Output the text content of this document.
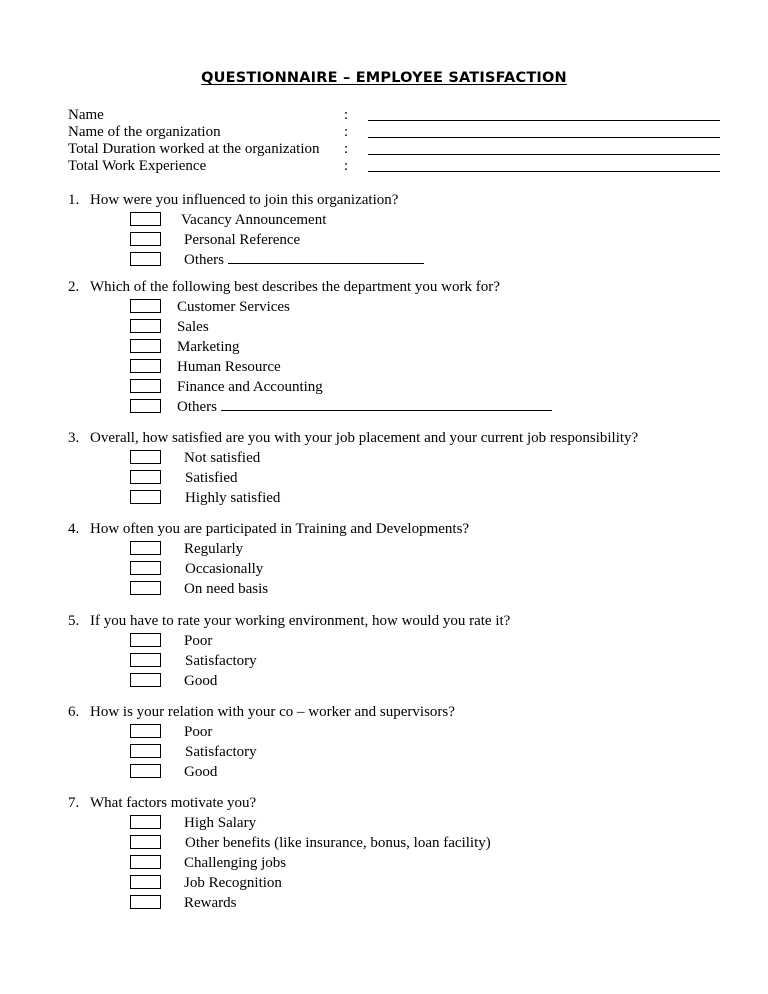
QUESTIONNAIRE – EMPLOYEE SATISFACTION
Name	:
Name of the organization	:
Total Duration worked at the organization :
Total Work Experience	:
1. How were you influenced to join this organization?
Vacancy Announcement
Personal Reference
Others
2. Which of the following best describes the department you work for?
Customer Services
Sales
Marketing
Human Resource
Finance and Accounting
Others
3. Overall, how satisfied are you with your job placement and your current job responsibility?
Not satisfied
Satisfied
Highly satisfied
4. How often you are participated in Training and Developments?
Regularly
Occasionally
On need basis
5. If you have to rate your working environment, how would you rate it?
Poor
Satisfactory
Good
6. How is your relation with your co – worker and supervisors?
Poor
Satisfactory
Good
7. What factors motivate you?
High Salary
Other benefits (like insurance, bonus, loan facility)
Challenging jobs
Job Recognition
Rewards
